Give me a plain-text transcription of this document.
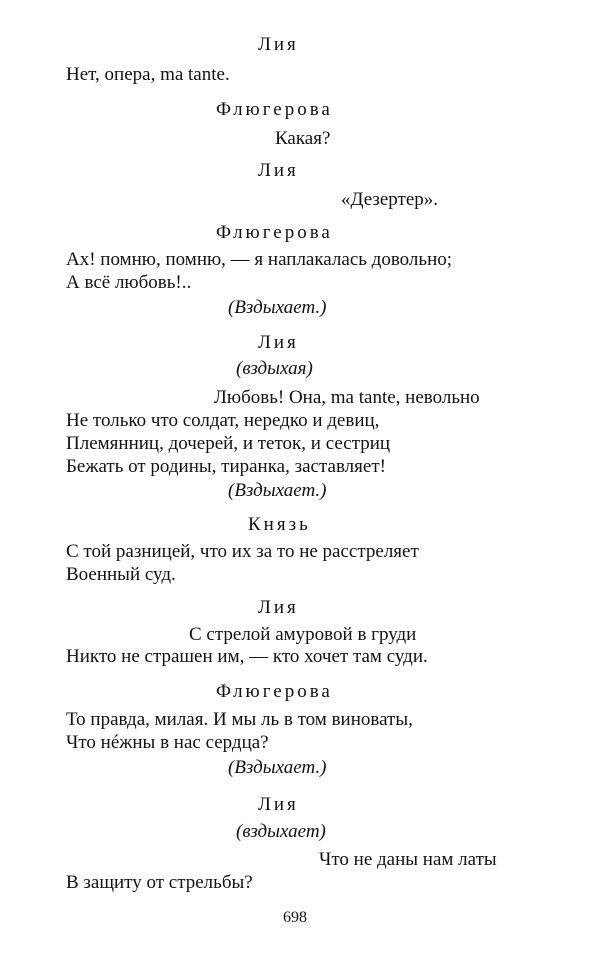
Лия
Нет, опера, ma tante.
Флюгерова
Какая?
Лия
«Дезертер».
Флюгерова
Ах! помню, помню, — я наплакалась довольно;
А всё любовь!..
(Вздыхает.)
Лия
(вздыхая)
Любовь! Она, ma tante, невольно
Не только что солдат, нередко и девиц,
Племянниц, дочерей, и теток, и сестриц
Бежать от родины, тиранка, заставляет!
(Вздыхает.)
Князь
С той разницей, что их за то не расстреляет
Военный суд.
Лия
С стрелой амуровой в груди
Никто не страшен им, — кто хочет там суди.
Флюгерова
То правда, милая. И мы ль в том виноваты,
Что нéжны в нас сердца?
(Вздыхает.)
Лия
(вздыхает)
Что не даны нам латы
В защиту от стрельбы?
698
